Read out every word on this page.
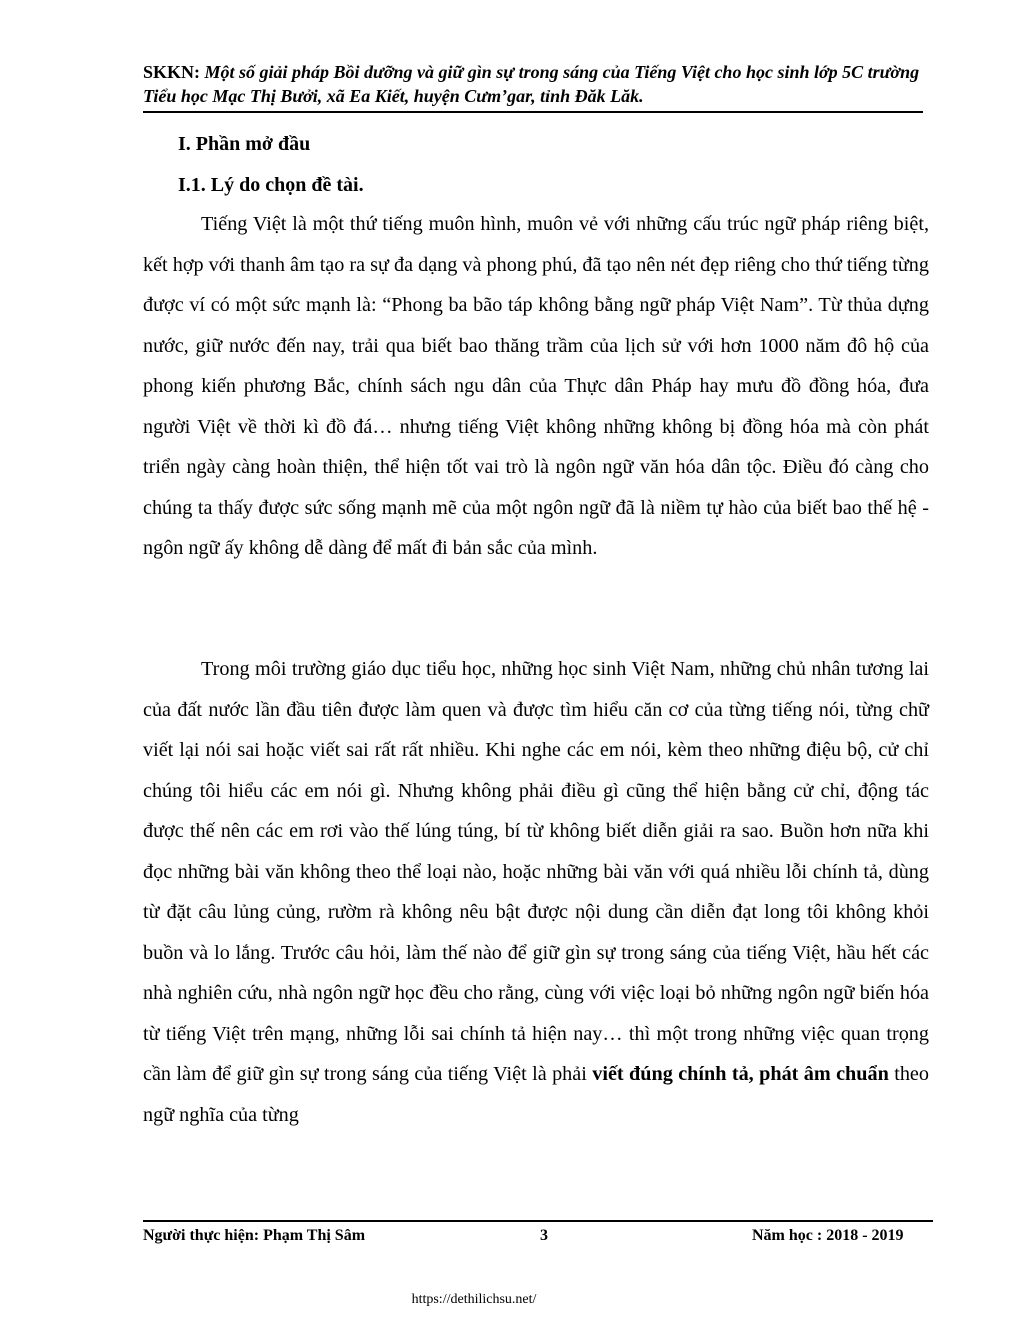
SKKN: Một số giải pháp Bồi dưỡng và giữ gìn sự trong sáng của Tiếng Việt cho học sinh lớp 5C trường Tiểu học Mạc Thị Bưởi, xã Ea Kiết, huyện Cưm’gar, tỉnh Đăk Lăk.
I. Phần mở đầu
I.1. Lý do chọn đề tài.

Tiếng Việt là một thứ tiếng muôn hình, muôn vẻ với những cấu trúc ngữ pháp riêng biệt, kết hợp với thanh âm tạo ra sự đa dạng và phong phú, đã tạo nên nét đẹp riêng cho thứ tiếng từng được ví có một sức mạnh là: “Phong ba bão táp không bằng ngữ pháp Việt Nam”. Từ thủa dựng nước, giữ nước đến nay, trải qua biết bao thăng trầm của lịch sử với hơn 1000 năm đô hộ của phong kiến phương Bắc, chính sách ngu dân của Thực dân Pháp hay mưu đồ đồng hóa, đưa người Việt về thời kì đồ đá… nhưng tiếng Việt không những không bị đồng hóa mà còn phát triển ngày càng hoàn thiện, thể hiện tốt vai trò là ngôn ngữ văn hóa dân tộc. Điều đó càng cho chúng ta thấy được sức sống mạnh mẽ của một ngôn ngữ đã là niềm tự hào của biết bao thế hệ - ngôn ngữ ấy không dễ dàng để mất đi bản sắc của mình.

Trong môi trường giáo dục tiểu học, những học sinh Việt Nam, những chủ nhân tương lai của đất nước lần đầu tiên được làm quen và được tìm hiểu căn cơ của từng tiếng nói, từng chữ viết lại nói sai hoặc viết sai rất rất nhiều. Khi nghe các em nói, kèm theo những điệu bộ, cử chỉ chúng tôi hiểu các em nói gì. Nhưng không phải điều gì cũng thể hiện bằng cử chỉ, động tác được thế nên các em rơi vào thế lúng túng, bí từ không biết diễn giải ra sao. Buồn hơn nữa khi đọc những bài văn không theo thể loại nào, hoặc những bài văn với quá nhiều lỗi chính tả, dùng từ đặt câu lủng củng, rườm rà không nêu bật được nội dung cần diễn đạt long tôi không khỏi buồn và lo lắng. Trước câu hỏi, làm thế nào để giữ gìn sự trong sáng của tiếng Việt, hầu hết các nhà nghiên cứu, nhà ngôn ngữ học đều cho rằng, cùng với việc loại bỏ những ngôn ngữ biến hóa từ tiếng Việt trên mạng, những lỗi sai chính tả hiện nay… thì một trong những việc quan trọng cần làm để giữ gìn sự trong sáng của tiếng Việt là phải viết đúng chính tả, phát âm chuẩn theo ngữ nghĩa của từng

Người thực hiện: Phạm Thị Sâm	3	Năm học : 2018 - 2019
https://dethilichsu.net/
